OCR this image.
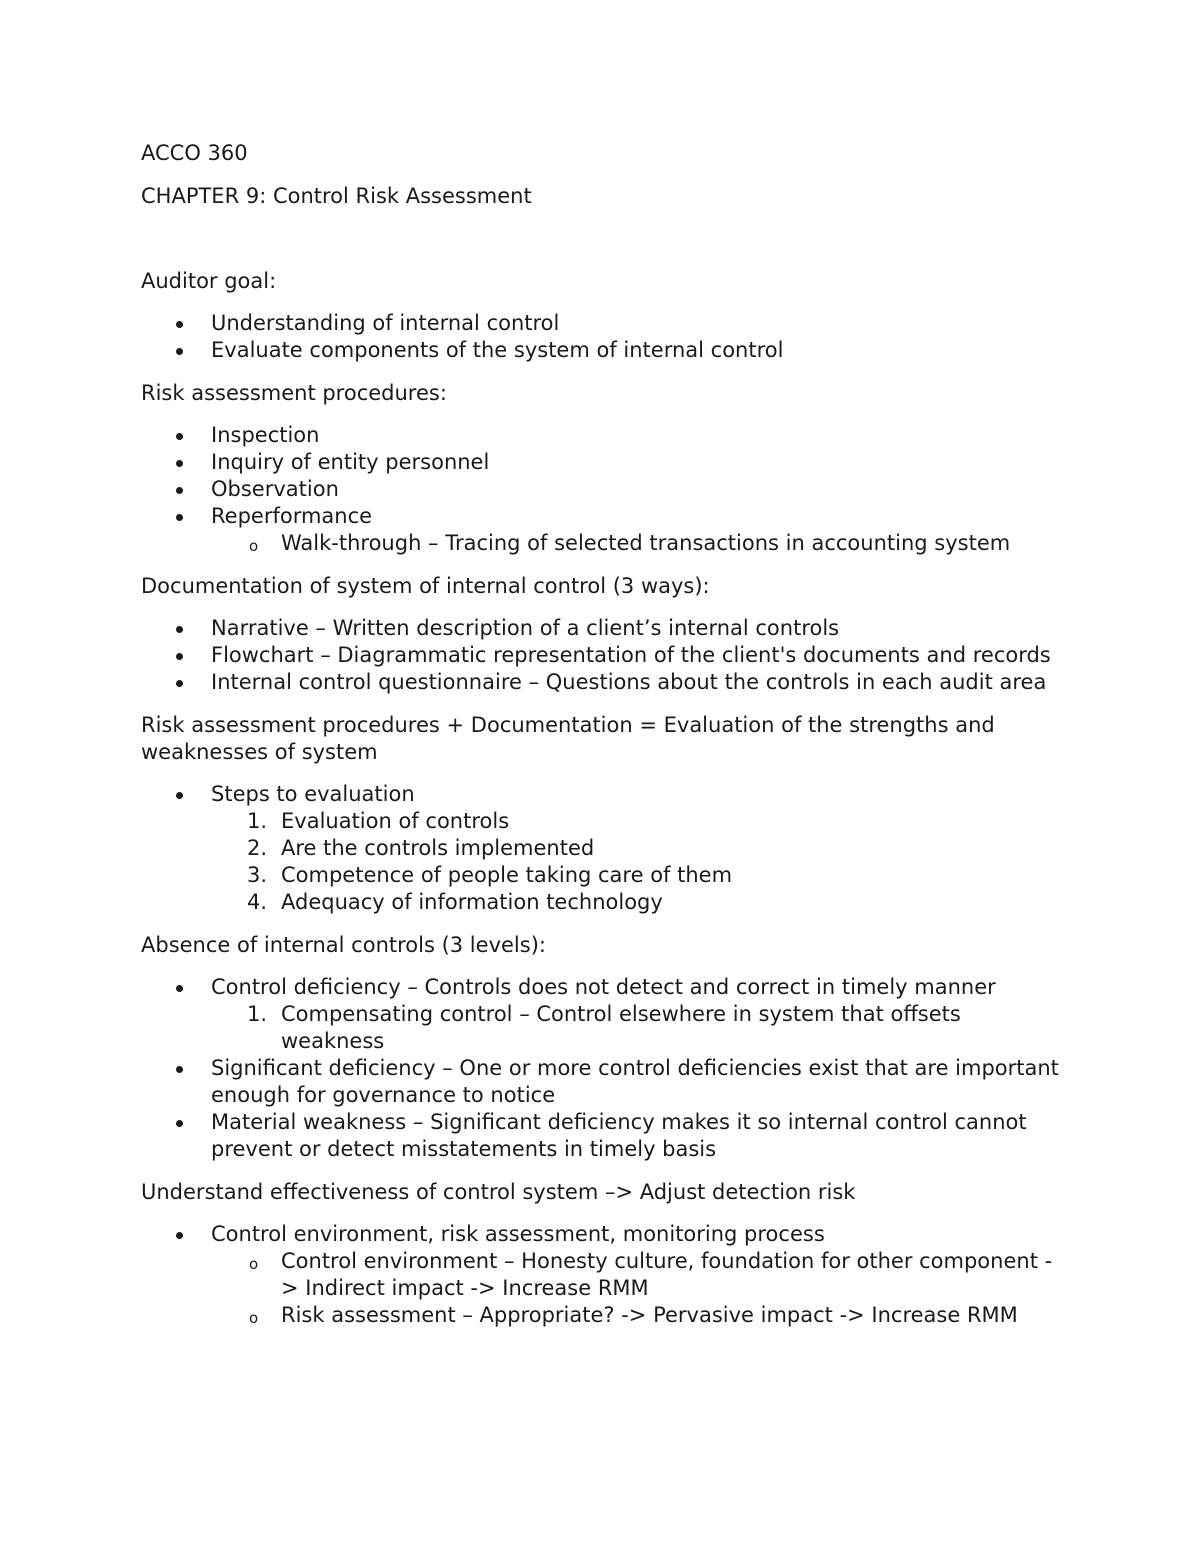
ACCO 360

CHAPTER 9: Control Risk Assessment

Auditor goal:

Understanding of internal control
Evaluate components of the system of internal control

Risk assessment procedures:

Inspection
Inquiry of entity personnel
Observation
Reperformance
o Walk-through – Tracing of selected transactions in accounting system

Documentation of system of internal control (3 ways):

Narrative – Written description of a client’s internal controls
Flowchart – Diagrammatic representation of the client's documents and records
Internal control questionnaire – Questions about the controls in each audit area

Risk assessment procedures + Documentation = Evaluation of the strengths and weaknesses of system

Steps to evaluation
1. Evaluation of controls
2. Are the controls implemented
3. Competence of people taking care of them
4. Adequacy of information technology

Absence of internal controls (3 levels):

Control deficiency – Controls does not detect and correct in timely manner
1. Compensating control – Control elsewhere in system that offsets weakness
Significant deficiency – One or more control deficiencies exist that are important enough for governance to notice
Material weakness – Significant deficiency makes it so internal control cannot prevent or detect misstatements in timely basis

Understand effectiveness of control system –> Adjust detection risk

Control environment, risk assessment, monitoring process
o Control environment – Honesty culture, foundation for other component -> Indirect impact -> Increase RMM
o Risk assessment – Appropriate? -> Pervasive impact -> Increase RMM
